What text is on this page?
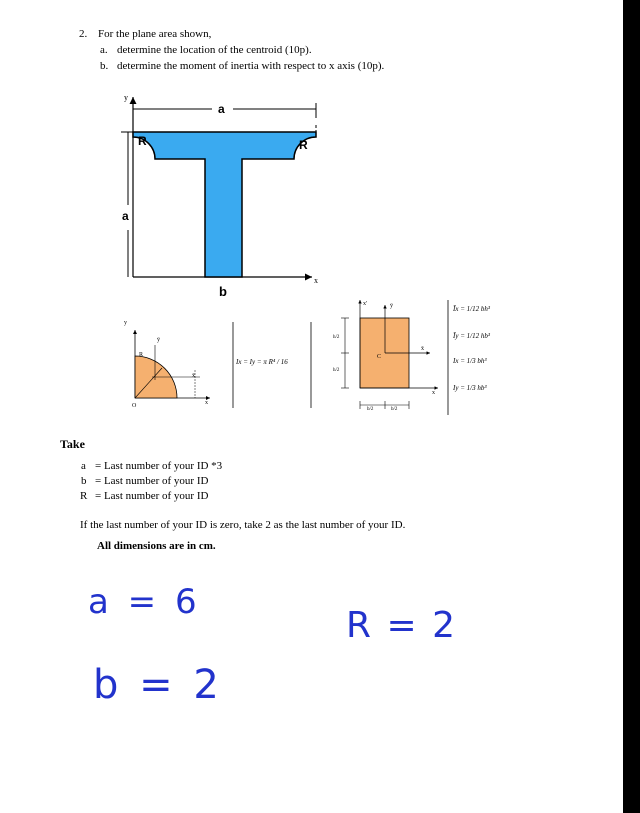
2. For the plane area shown,
a. determine the location of the centroid (10p).
b. determine the moment of inertia with respect to x axis (10p).
y
x
a
a
b
R	R
y
ȳ
R
x̄
x
O
Ix = Iy = π R⁴ / 16
x'	ȳ
h/2
C
x̄
h/2
x
b/2	b/2
Īx = 1/12 bh³
Īy = 1/12 hb³
Ix = 1/3 bh³
Iy = 1/3 hb³
Take
a = Last number of your ID *3
b = Last number of your ID
R = Last number of your ID
If the last number of your ID is zero, take 2 as the last number of your ID.
All dimensions are in cm.
a = 6
R = 2
b = 2
